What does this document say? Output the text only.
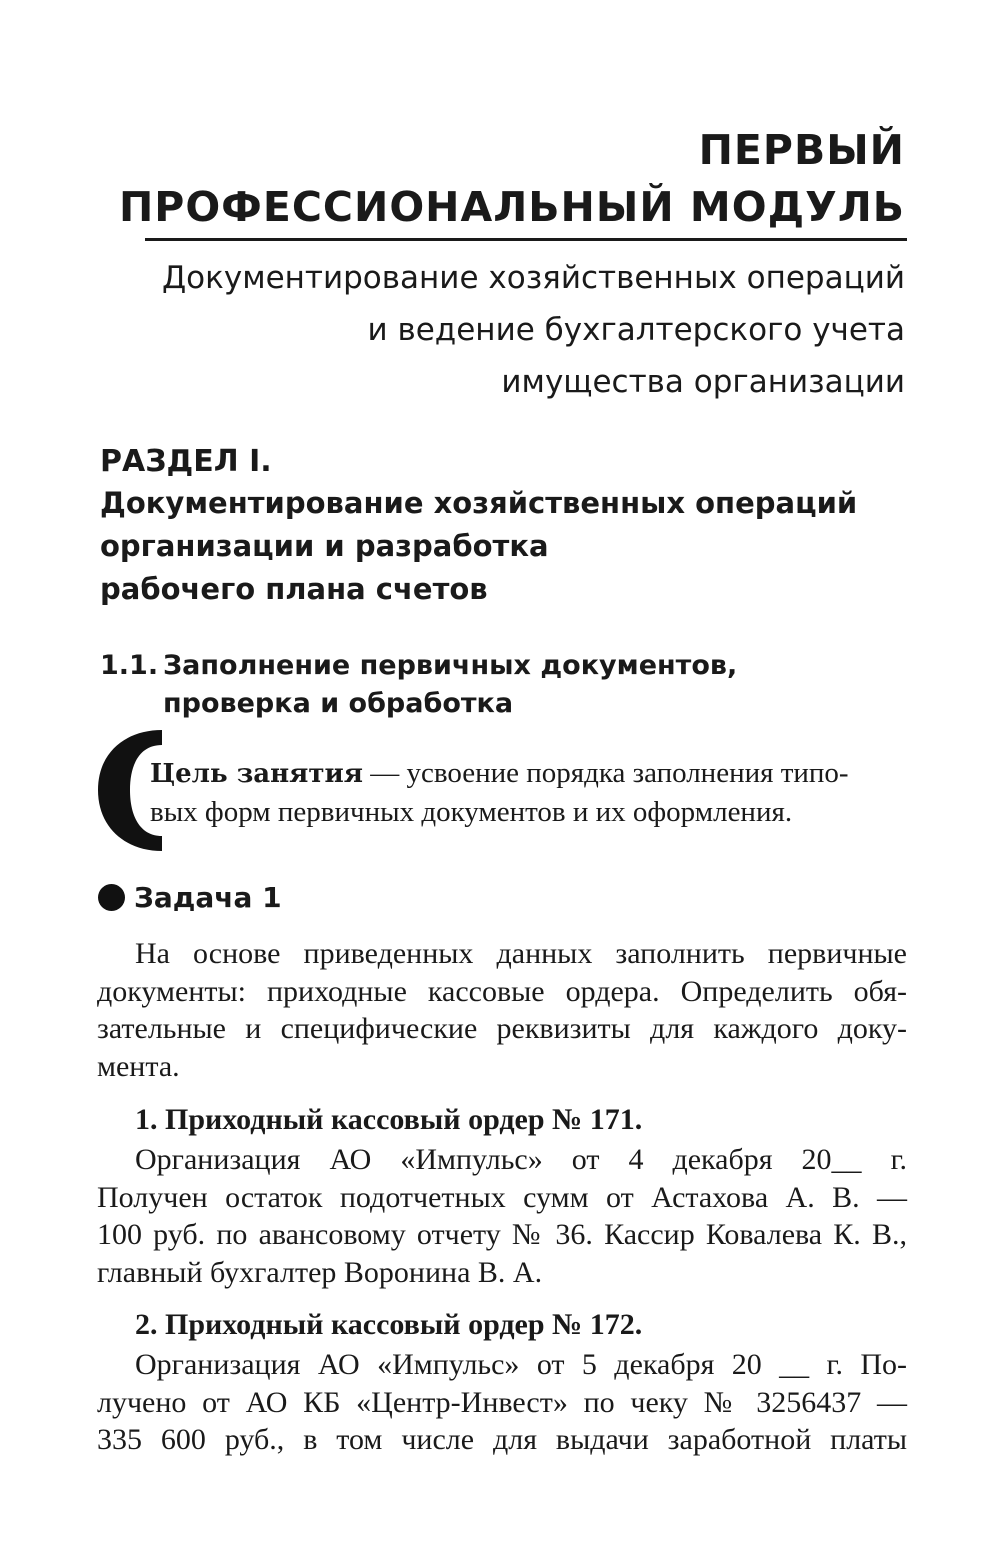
ПЕРВЫЙ
ПРОФЕССИОНАЛЬНЫЙ МОДУЛЬ
Документирование хозяйственных операций
и ведение бухгалтерского учета
имущества организации
РАЗДЕЛ I.
Документирование хозяйственных операций
организации и разработка
рабочего плана счетов
1.1. Заполнение первичных документов,
проверка и обработка
Цель занятия — усвоение порядка заполнения типо-
вых форм первичных документов и их оформления.
Задача 1
На основе приведенных данных заполнить первичные
документы: приходные кассовые ордера. Определить обя-
зательные и специфические реквизиты для каждого доку-
мента.
1. Приходный кассовый ордер № 171.
Организация АО «Импульс» от 4 декабря 20__ г.
Получен остаток подотчетных сумм от Астахова А. В. —
100 руб. по авансовому отчету № 36. Кассир Ковалева К. В.,
главный бухгалтер Воронина В. А.
2. Приходный кассовый ордер № 172.
Организация АО «Импульс» от 5 декабря 20 __ г. По-
лучено от АО КБ «Центр-Инвест» по чеку № 3256437 —
335 600 руб., в том числе для выдачи заработной платы
